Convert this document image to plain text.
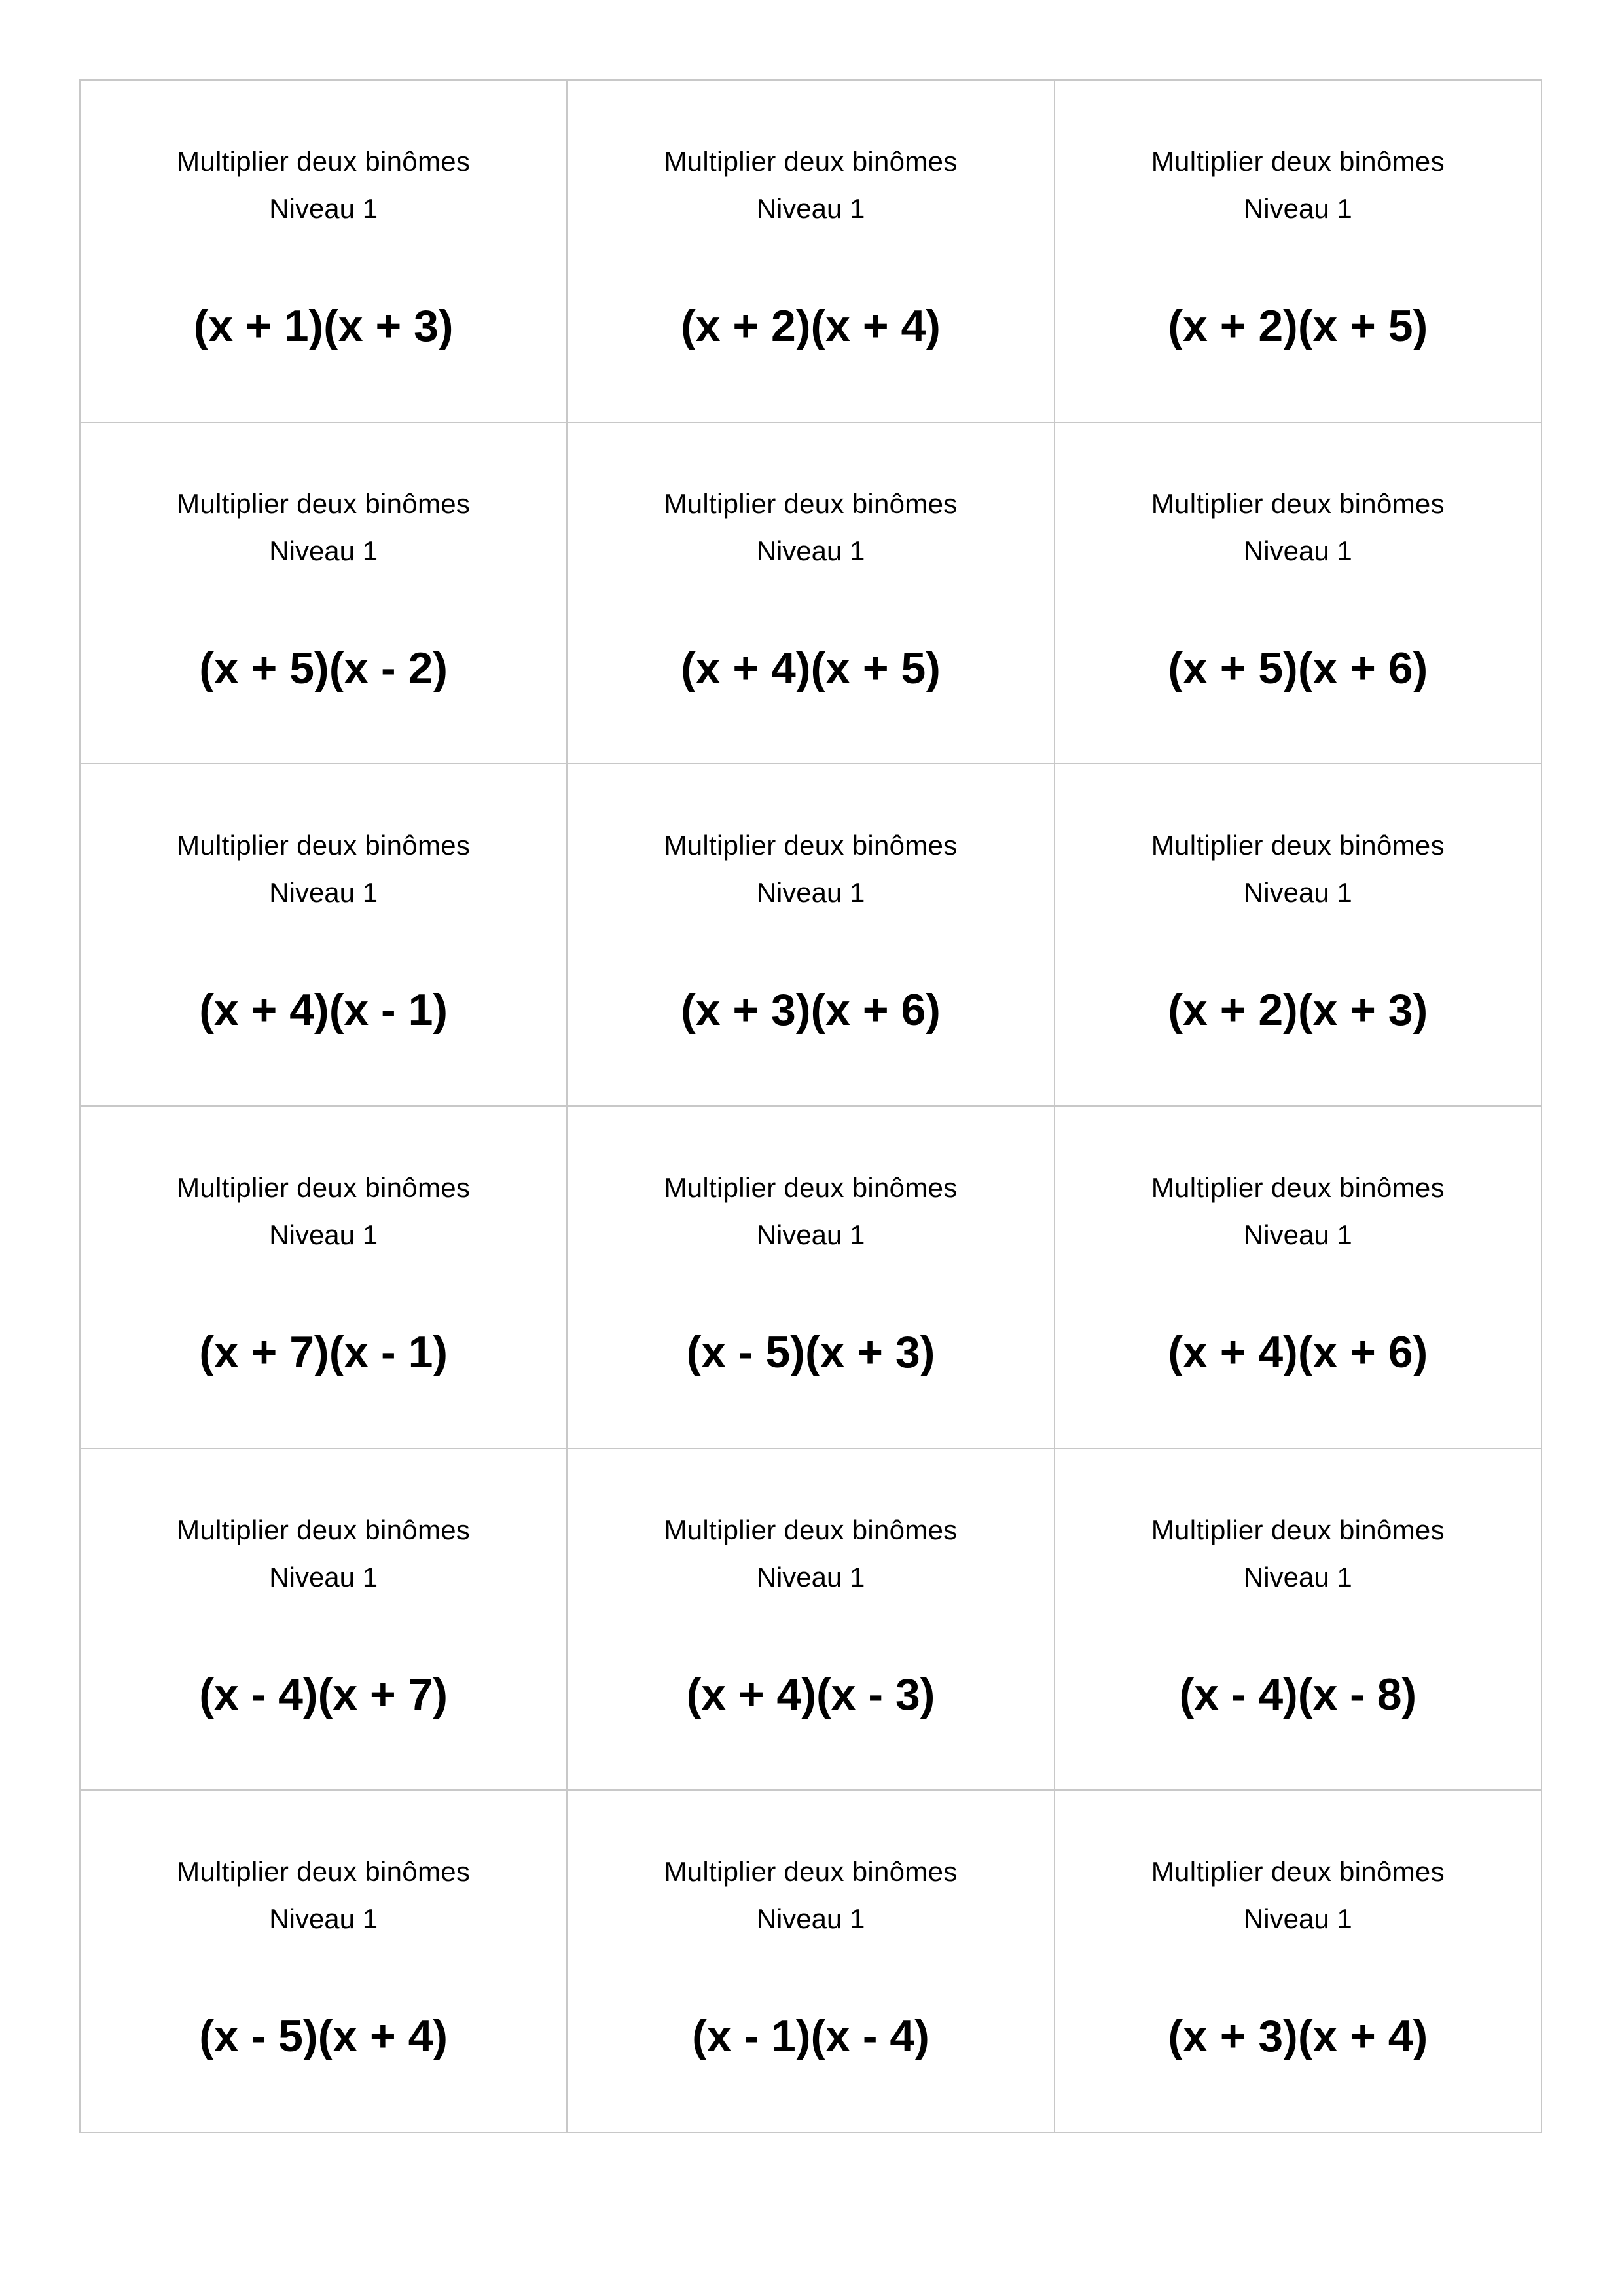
Multiplier deux binômes
Niveau 1
(x + 1)(x + 3)
Multiplier deux binômes
Niveau 1
(x + 2)(x + 4)
Multiplier deux binômes
Niveau 1
(x + 2)(x + 5)
Multiplier deux binômes
Niveau 1
(x + 5)(x - 2)
Multiplier deux binômes
Niveau 1
(x + 4)(x + 5)
Multiplier deux binômes
Niveau 1
(x + 5)(x + 6)
Multiplier deux binômes
Niveau 1
(x + 4)(x - 1)
Multiplier deux binômes
Niveau 1
(x + 3)(x + 6)
Multiplier deux binômes
Niveau 1
(x + 2)(x + 3)
Multiplier deux binômes
Niveau 1
(x + 7)(x - 1)
Multiplier deux binômes
Niveau 1
(x - 5)(x + 3)
Multiplier deux binômes
Niveau 1
(x + 4)(x + 6)
Multiplier deux binômes
Niveau 1
(x - 4)(x + 7)
Multiplier deux binômes
Niveau 1
(x + 4)(x - 3)
Multiplier deux binômes
Niveau 1
(x - 4)(x - 8)
Multiplier deux binômes
Niveau 1
(x - 5)(x + 4)
Multiplier deux binômes
Niveau 1
(x - 1)(x - 4)
Multiplier deux binômes
Niveau 1
(x + 3)(x + 4)
